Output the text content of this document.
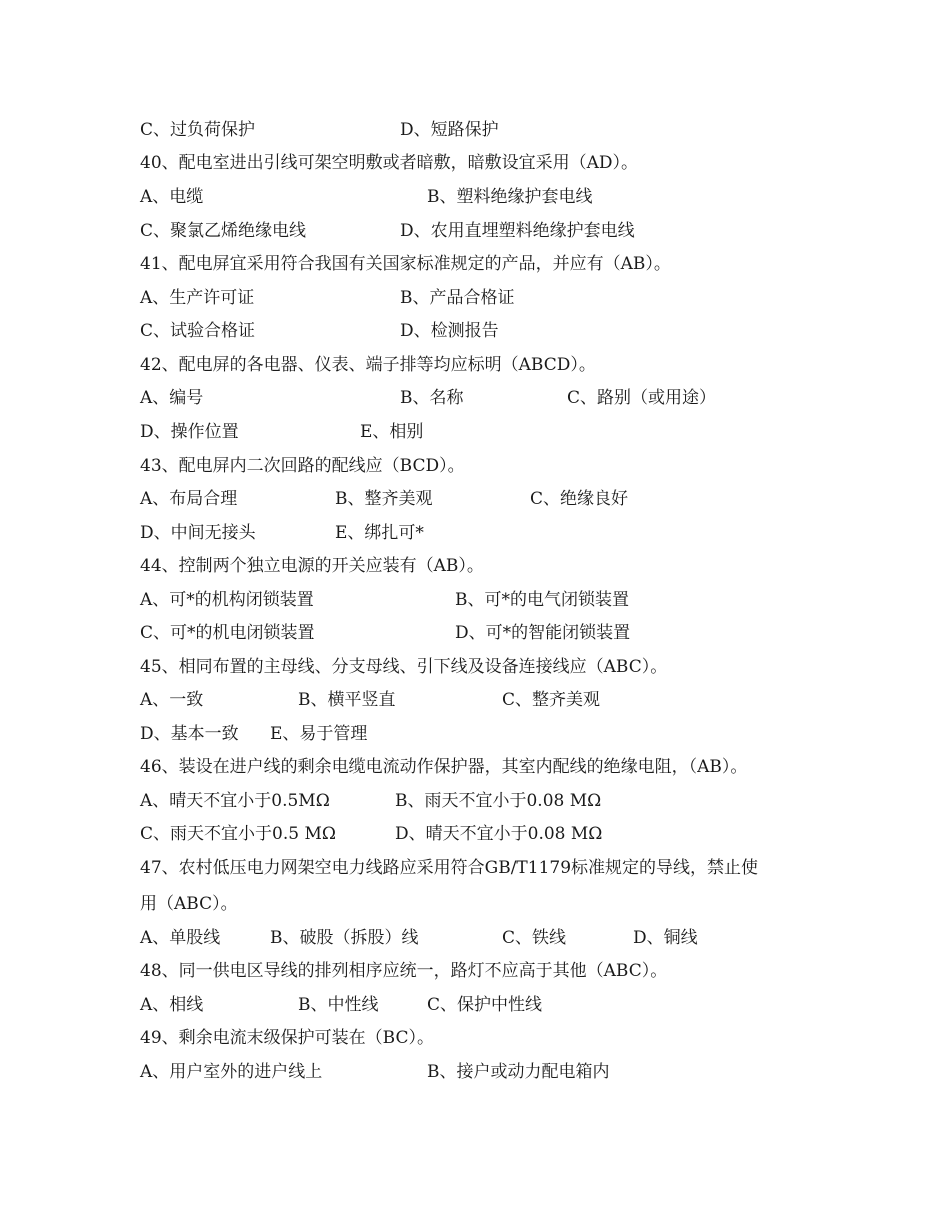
C、过负荷保护	D、短路保护
40、配电室进出引线可架空明敷或者暗敷，暗敷设宜采用（AD）。
A、电缆	B、塑料绝缘护套电线
C、聚氯乙烯绝缘电线	D、农用直埋塑料绝缘护套电线
41、配电屏宜采用符合我国有关国家标准规定的产品，并应有（AB）。
A、生产许可证	B、产品合格证
C、试验合格证	D、检测报告
42、配电屏的各电器、仪表、端子排等均应标明（ABCD）。
A、编号	B、名称	C、路别（或用途）
D、操作位置	E、相别
43、配电屏内二次回路的配线应（BCD）。
A、布局合理	B、整齐美观	C、绝缘良好
D、中间无接头	E、绑扎可*
44、控制两个独立电源的开关应装有（AB）。
A、可*的机构闭锁装置	B、可*的电气闭锁装置
C、可*的机电闭锁装置	D、可*的智能闭锁装置
45、相同布置的主母线、分支母线、引下线及设备连接线应（ABC）。
A、一致	B、横平竖直	C、整齐美观
D、基本一致 E、易于管理
46、装设在进户线的剩余电缆电流动作保护器，其室内配线的绝缘电阻，（AB）。
A、晴天不宜小于0.5MΩ	B、雨天不宜小于0.08 MΩ
C、雨天不宜小于0.5 MΩ	D、晴天不宜小于0.08 MΩ
47、农村低压电力网架空电力线路应采用符合GB/T1179标准规定的导线，禁止使
用（ABC）。
A、单股线	B、破股（拆股）线	C、铁线	D、铜线
48、同一供电区导线的排列相序应统一，路灯不应高于其他（ABC）。
A、相线	B、中性线	C、保护中性线
49、剩余电流末级保护可装在（BC）。
A、用户室外的进户线上	B、接户或动力配电箱内
